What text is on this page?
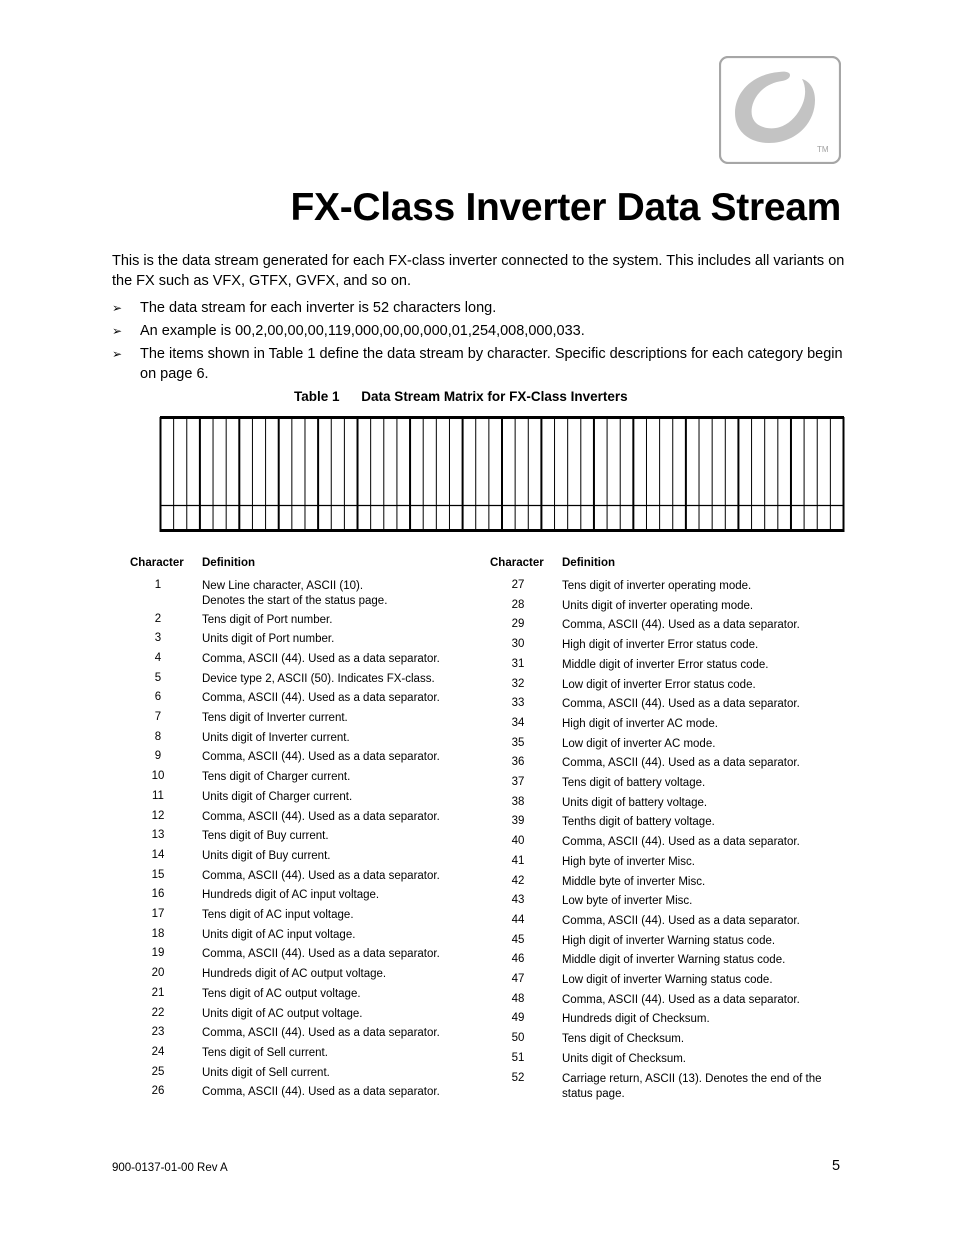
TM
FX-Class Inverter Data Stream

This is the data stream generated for each FX-class inverter connected to the system. This includes all variants on the FX such as VFX, GTFX, GVFX, and so on.

➢ The data stream for each inverter is 52 characters long.
➢ An example is 00,2,00,00,00,119,000,00,00,000,01,254,008,000,033.
➢ The items shown in Table 1 define the data stream by character. Specific descriptions for each category begin on page 6.

Table 1 Data Stream Matrix for FX-Class Inverters

Character Definition
1	New Line character, ASCII (10).
Denotes the start of the status page.
2	Tens digit of Port number.
3	Units digit of Port number.
4	Comma, ASCII (44). Used as a data separator.
5	Device type 2, ASCII (50). Indicates FX-class.
6	Comma, ASCII (44). Used as a data separator.
7	Tens digit of Inverter current.
8	Units digit of Inverter current.
9	Comma, ASCII (44). Used as a data separator.
10	Tens digit of Charger current.
11	Units digit of Charger current.
12	Comma, ASCII (44). Used as a data separator.
13	Tens digit of Buy current.
14	Units digit of Buy current.
15	Comma, ASCII (44). Used as a data separator.
16	Hundreds digit of AC input voltage.
17	Tens digit of AC input voltage.
18	Units digit of AC input voltage.
19	Comma, ASCII (44). Used as a data separator.
20	Hundreds digit of AC output voltage.
21	Tens digit of AC output voltage.
22	Units digit of AC output voltage.
23	Comma, ASCII (44). Used as a data separator.
24	Tens digit of Sell current.
25	Units digit of Sell current.
26	Comma, ASCII (44). Used as a data separator.
Character Definition
27	Tens digit of inverter operating mode.
28	Units digit of inverter operating mode.
29	Comma, ASCII (44). Used as a data separator.
30	High digit of inverter Error status code.
31	Middle digit of inverter Error status code.
32	Low digit of inverter Error status code.
33	Comma, ASCII (44). Used as a data separator.
34	High digit of inverter AC mode.
35	Low digit of inverter AC mode.
36	Comma, ASCII (44). Used as a data separator.
37	Tens digit of battery voltage.
38	Units digit of battery voltage.
39	Tenths digit of battery voltage.
40	Comma, ASCII (44). Used as a data separator.
41	High byte of inverter Misc.
42	Middle byte of inverter Misc.
43	Low byte of inverter Misc.
44	Comma, ASCII (44). Used as a data separator.
45	High digit of inverter Warning status code.
46	Middle digit of inverter Warning status code.
47	Low digit of inverter Warning status code.
48	Comma, ASCII (44). Used as a data separator.
49	Hundreds digit of Checksum.
50	Tens digit of Checksum.
51	Units digit of Checksum.
52	Carriage return, ASCII (13). Denotes the end of the
status page.

900-0137-01-00 Rev A	5
